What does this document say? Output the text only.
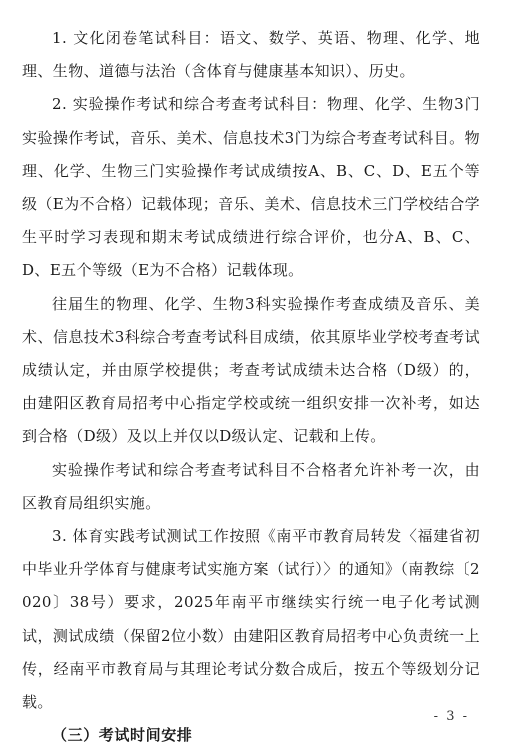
1. 文化闭卷笔试科目：语文、数学、英语、物理、化学、地理、生物、道德与法治（含体育与健康基本知识）、历史。

2. 实验操作考试和综合考查考试科目：物理、化学、生物3门实验操作考试，音乐、美术、信息技术3门为综合考查考试科目。物理、化学、生物三门实验操作考试成绩按A、B、C、D、E五个等级（E为不合格）记载体现；音乐、美术、信息技术三门学校结合学生平时学习表现和期末考试成绩进行综合评价，也分A、B、C、D、E五个等级（E为不合格）记载体现。

往届生的物理、化学、生物3科实验操作考查成绩及音乐、美术、信息技术3科综合考查考试科目成绩，依其原毕业学校考查考试成绩认定，并由原学校提供；考查考试成绩未达合格（D级）的，由建阳区教育局招考中心指定学校或统一组织安排一次补考，如达到合格（D级）及以上并仅以D级认定、记载和上传。

实验操作考试和综合考查考试科目不合格者允许补考一次，由区教育局组织实施。

3. 体育实践考试测试工作按照《南平市教育局转发〈福建省初中毕业升学体育与健康考试实施方案（试行）〉的通知》（南教综〔2020〕38号）要求，2025年南平市继续实行统一电子化考试测试，测试成绩（保留2位小数）由建阳区教育局招考中心负责统一上传，经南平市教育局与其理论考试分数合成后，按五个等级划分记载。

（三）考试时间安排

- 3 -
